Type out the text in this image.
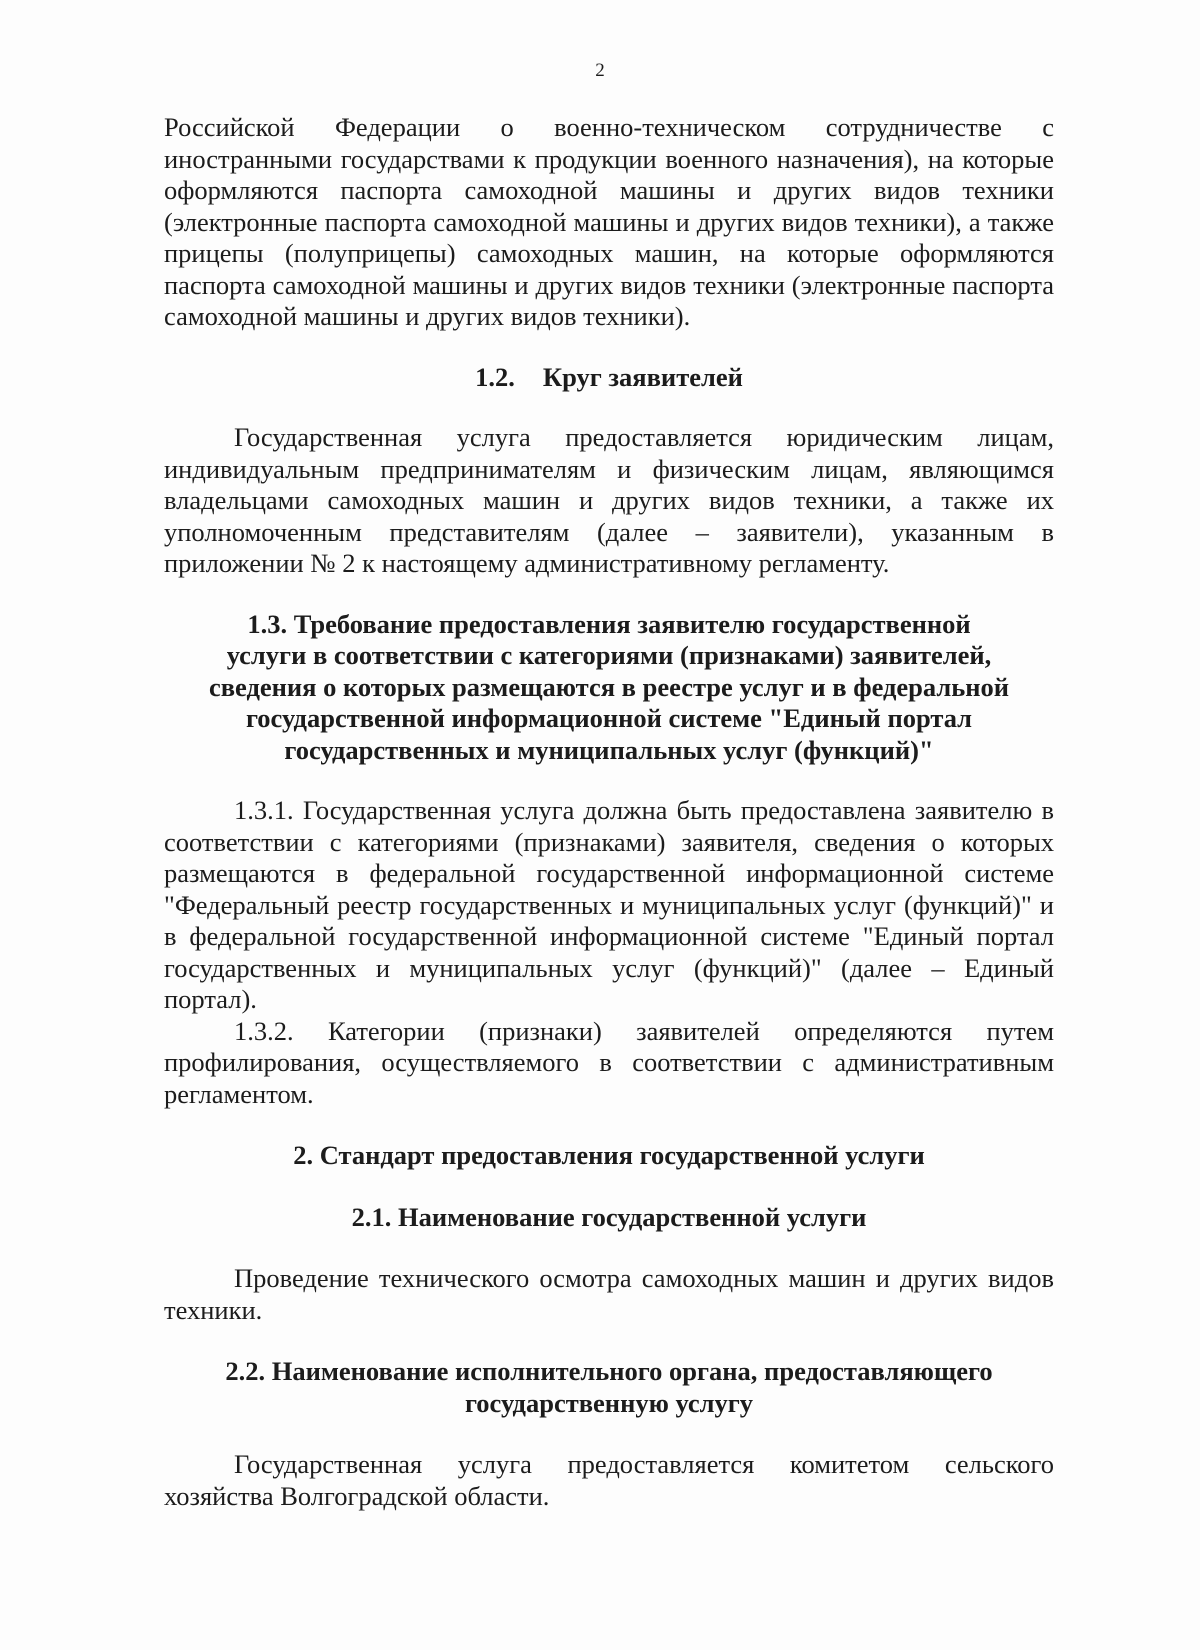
2

Российской Федерации о военно-техническом сотрудничестве с иностранными государствами к продукции военного назначения), на которые оформляются паспорта самоходной машины и других видов техники (электронные паспорта самоходной машины и других видов техники), а также прицепы (полуприцепы) самоходных машин, на которые оформляются паспорта самоходной машины и других видов техники (электронные паспорта самоходной машины и других видов техники).

1.2. Круг заявителей

Государственная услуга предоставляется юридическим лицам, индивидуальным предпринимателям и физическим лицам, являющимся владельцами самоходных машин и других видов техники, а также их уполномоченным представителям (далее – заявители), указанным в приложении № 2 к настоящему административному регламенту.

1.3. Требование предоставления заявителю государственной

услуги в соответствии с категориями (признаками) заявителей,

сведения о которых размещаются в реестре услуг и в федеральной

государственной информационной системе "Единый портал

государственных и муниципальных услуг (функций)"

1.3.1. Государственная услуга должна быть предоставлена заявителю в соответствии с категориями (признаками) заявителя, сведения о которых размещаются в федеральной государственной информационной системе "Федеральный реестр государственных и муниципальных услуг (функций)" и в федеральной государственной информационной системе "Единый портал государственных и муниципальных услуг (функций)" (далее – Единый портал).

1.3.2. Категории (признаки) заявителей определяются путем профилирования, осуществляемого в соответствии с административным регламентом.

2. Стандарт предоставления государственной услуги

2.1. Наименование государственной услуги

Проведение технического осмотра самоходных машин и других видов техники.

2.2. Наименование исполнительного органа, предоставляющего

государственную услугу

Государственная услуга предоставляется комитетом сельского хозяйства Волгоградской области.
